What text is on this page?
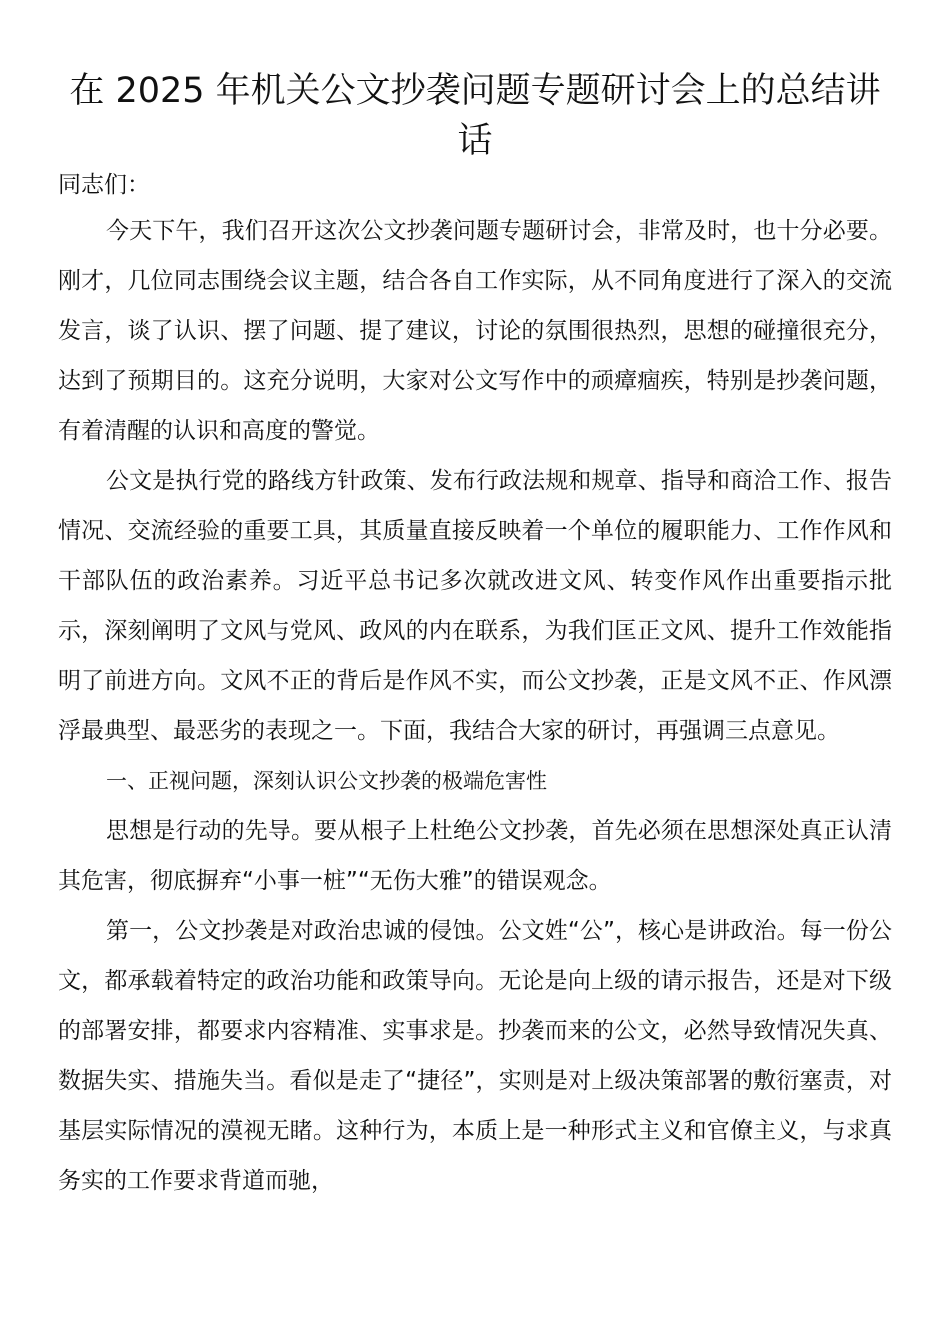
在 2025 年机关公文抄袭问题专题研讨会上的总结讲话

同志们：

今天下午，我们召开这次公文抄袭问题专题研讨会，非常及时，也十分必要。刚才，几位同志围绕会议主题，结合各自工作实际，从不同角度进行了深入的交流发言，谈了认识、摆了问题、提了建议，讨论的氛围很热烈，思想的碰撞很充分，达到了预期目的。这充分说明，大家对公文写作中的顽瘴痼疾，特别是抄袭问题，有着清醒的认识和高度的警觉。

公文是执行党的路线方针政策、发布行政法规和规章、指导和商洽工作、报告情况、交流经验的重要工具，其质量直接反映着一个单位的履职能力、工作作风和干部队伍的政治素养。习近平总书记多次就改进文风、转变作风作出重要指示批示，深刻阐明了文风与党风、政风的内在联系，为我们匡正文风、提升工作效能指明了前进方向。文风不正的背后是作风不实，而公文抄袭，正是文风不正、作风漂浮最典型、最恶劣的表现之一。下面，我结合大家的研讨，再强调三点意见。

一、正视问题，深刻认识公文抄袭的极端危害性

思想是行动的先导。要从根子上杜绝公文抄袭，首先必须在思想深处真正认清其危害，彻底摒弃“小事一桩”“无伤大雅”的错误观念。

第一，公文抄袭是对政治忠诚的侵蚀。公文姓“公”，核心是讲政治。每一份公文，都承载着特定的政治功能和政策导向。无论是向上级的请示报告，还是对下级的部署安排，都要求内容精准、实事求是。抄袭而来的公文，必然导致情况失真、数据失实、措施失当。看似是走了“捷径”，实则是对上级决策部署的敷衍塞责，对基层实际情况的漠视无睹。这种行为，本质上是一种形式主义和官僚主义，与求真务实的工作要求背道而驰，
